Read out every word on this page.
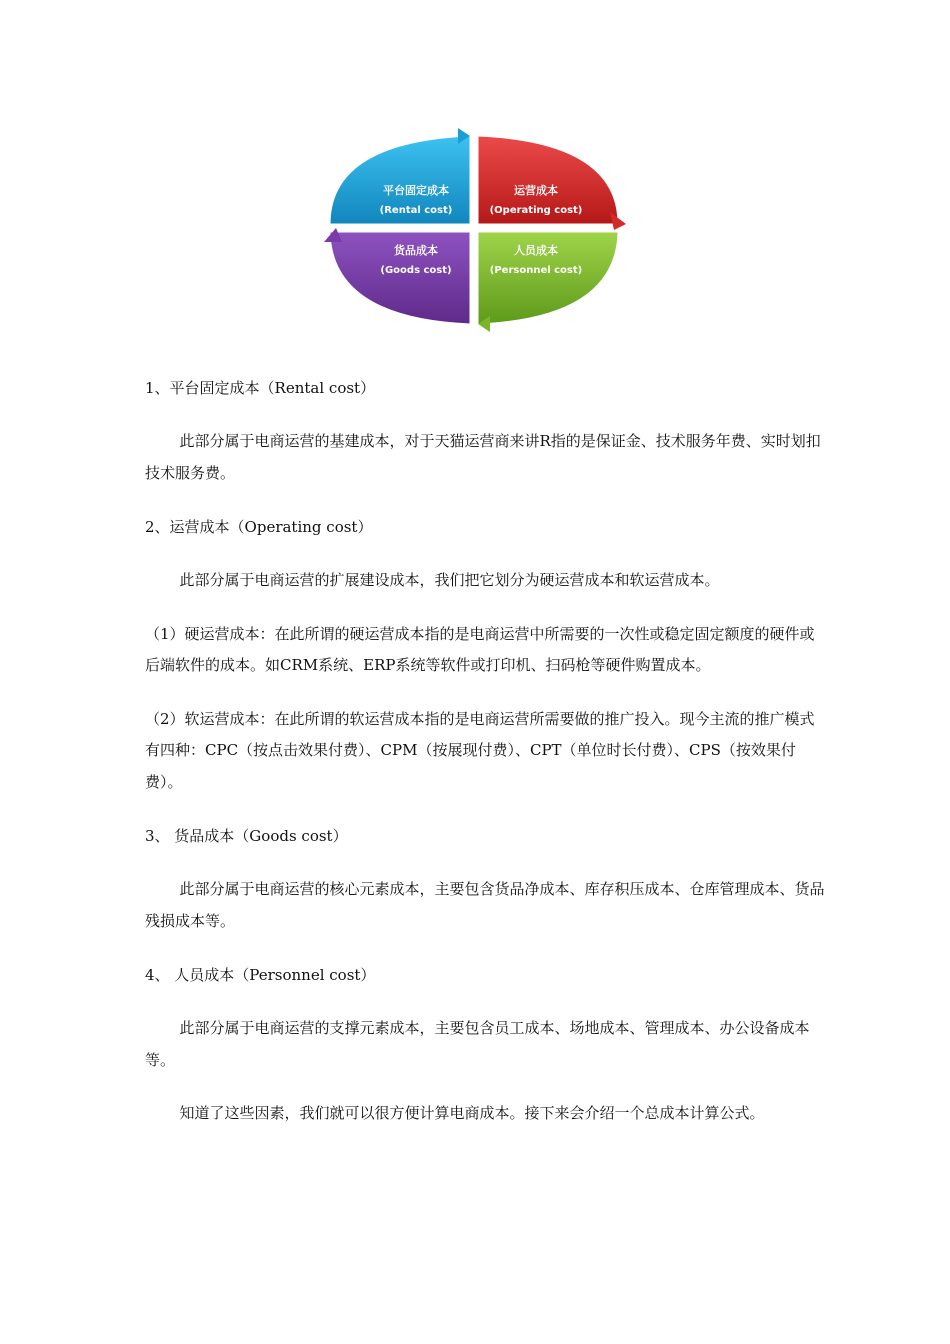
平台固定成本
(Rental cost)
运营成本
(Operating cost)
货品成本
(Goods cost)
人员成本
(Personnel cost)

1、平台固定成本（Rental cost）

此部分属于电商运营的基建成本，对于天猫运营商来讲R指的是保证金、技术服务年费、实时划扣技术服务费。

2、运营成本（Operating cost）

此部分属于电商运营的扩展建设成本，我们把它划分为硬运营成本和软运营成本。

（1）硬运营成本：在此所谓的硬运营成本指的是电商运营中所需要的一次性或稳定固定额度的硬件或后端软件的成本。如CRM系统、ERP系统等软件或打印机、扫码枪等硬件购置成本。

（2）软运营成本：在此所谓的软运营成本指的是电商运营所需要做的推广投入。现今主流的推广模式有四种：CPC（按点击效果付费）、CPM（按展现付费）、CPT（单位时长付费）、CPS（按效果付费）。

3、 货品成本（Goods cost）

此部分属于电商运营的核心元素成本，主要包含货品净成本、库存积压成本、仓库管理成本、货品残损成本等。

4、 人员成本（Personnel cost）

此部分属于电商运营的支撑元素成本，主要包含员工成本、场地成本、管理成本、办公设备成本等。

知道了这些因素，我们就可以很方便计算电商成本。接下来会介绍一个总成本计算公式。
